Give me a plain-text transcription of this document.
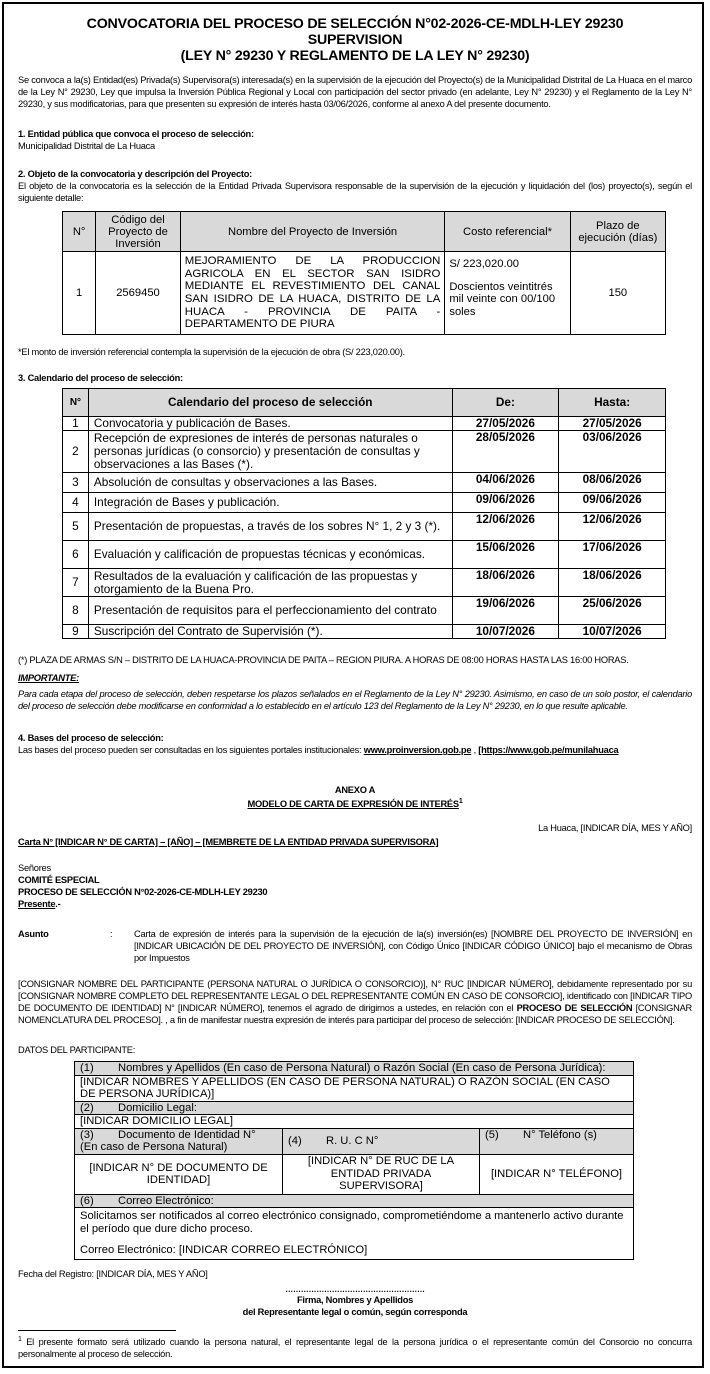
CONVOCATORIA DEL PROCESO DE SELECCIÓN N°02-2026-CE-MDLH-LEY 29230
SUPERVISION
(LEY N° 29230 Y REGLAMENTO DE LA LEY N° 29230)
Se convoca a la(s) Entidad(es) Privada(s) Supervisora(s) interesada(s) en la supervisión de la ejecución del Proyecto(s) de la Municipalidad Distrital de La Huaca en el marco de la Ley N° 29230, Ley que impulsa la Inversión Pública Regional y Local con participación del sector privado (en adelante, Ley N° 29230) y el Reglamento de la Ley N° 29230, y sus modificatorias, para que presenten su expresión de interés hasta 03/06/2026, conforme al anexo A del presente documento.
1. Entidad pública que convoca el proceso de selección:
Municipalidad Distrital de La Huaca
2. Objeto de la convocatoria y descripción del Proyecto:
El objeto de la convocatoria es la selección de la Entidad Privada Supervisora responsable de la supervisión de la ejecución y liquidación del (los) proyecto(s), según el siguiente detalle:
N°	Código del Proyecto de Inversión	Nombre del Proyecto de Inversión	Costo referencial*	Plazo de ejecución (días)
1	2569450	MEJORAMIENTO DE LA PRODUCCION AGRICOLA EN EL SECTOR SAN ISIDRO MEDIANTE EL REVESTIMIENTO DEL CANAL SAN ISIDRO DE LA HUACA, DISTRITO DE LA HUACA - PROVINCIA DE PAITA - DEPARTAMENTO DE PIURA	S/ 223,020.00
Doscientos veintitrés mil veinte con 00/100 soles	150
*El monto de inversión referencial contempla la supervisión de la ejecución de obra (S/ 223,020.00).
3. Calendario del proceso de selección:
N°	Calendario del proceso de selección	De:	Hasta:
1	Convocatoria y publicación de Bases.	27/05/2026	27/05/2026
2	Recepción de expresiones de interés de personas naturales o personas jurídicas (o consorcio) y presentación de consultas y observaciones a las Bases (*).	28/05/2026	03/06/2026
3	Absolución de consultas y observaciones a las Bases.	04/06/2026	08/06/2026
4	Integración de Bases y publicación.	09/06/2026	09/06/2026
5	Presentación de propuestas, a través de los sobres N° 1, 2 y 3 (*).	12/06/2026	12/06/2026
6	Evaluación y calificación de propuestas técnicas y económicas.	15/06/2026	17/06/2026
7	Resultados de la evaluación y calificación de las propuestas y otorgamiento de la Buena Pro.	18/06/2026	18/06/2026
8	Presentación de requisitos para el perfeccionamiento del contrato	19/06/2026	25/06/2026
9	Suscripción del Contrato de Supervisión (*).	10/07/2026	10/07/2026
(*) PLAZA DE ARMAS S/N – DISTRITO DE LA HUACA-PROVINCIA DE PAITA – REGION PIURA. A HORAS DE 08:00 HORAS HASTA LAS 16:00 HORAS.
IMPORTANTE:
Para cada etapa del proceso de selección, deben respetarse los plazos señalados en el Reglamento de la Ley N° 29230. Asimismo, en caso de un solo postor, el calendario del proceso de selección debe modificarse en conformidad a lo establecido en el artículo 123 del Reglamento de la Ley N° 29230, en lo que resulte aplicable.
4. Bases del proceso de selección:
Las bases del proceso pueden ser consultadas en los siguientes portales institucionales: www.proinversion.gob.pe , [https://www.gob.pe/munilahuaca
ANEXO A
MODELO DE CARTA DE EXPRESIÓN DE INTERÉS$^1$
La Huaca, [INDICAR DÍA, MES Y AÑO]
Carta N° [INDICAR N° DE CARTA] – [AÑO] – [MEMBRETE DE LA ENTIDAD PRIVADA SUPERVISORA]
Señores
COMITÉ ESPECIAL
PROCESO DE SELECCIÓN N°02-2026-CE-MDLH-LEY 29230
Presente.-
Asunto	: Carta de expresión de interés para la supervisión de la ejecución de la(s) inversión(es) [NOMBRE DEL PROYECTO DE INVERSIÓN] en [INDICAR UBICACIÓN DE DEL PROYECTO DE INVERSIÓN], con Código Único [INDICAR CÓDIGO ÚNICO] bajo el mecanismo de Obras por Impuestos
[CONSIGNAR NOMBRE DEL PARTICIPANTE (PERSONA NATURAL O JURÍDICA O CONSORCIO)], N° RUC [INDICAR NÚMERO], debidamente representado por su [CONSIGNAR NOMBRE COMPLETO DEL REPRESENTANTE LEGAL O DEL REPRESENTANTE COMÚN EN CASO DE CONSORCIO], identificado con [INDICAR TIPO DE DOCUMENTO DE IDENTIDAD] N° [INDICAR NÚMERO], tenemos el agrado de dirigirnos a ustedes, en relación con el PROCESO DE SELECCIÓN [CONSIGNAR NOMENCLATURA DEL PROCESO]. , a fin de manifestar nuestra expresión de interés para participar del proceso de selección: [INDICAR PROCESO DE SELECCIÓN].
DATOS DEL PARTICIPANTE:
(1) Nombres y Apellidos (En caso de Persona Natural) o Razón Social (En caso de Persona Jurídica):		
[INDICAR NOMBRES Y APELLIDOS (EN CASO DE PERSONA NATURAL) O RAZÓN SOCIAL (EN CASO DE PERSONA JURÍDICA)]		
(2) Domicilio Legal:		
[INDICAR DOMICILIO LEGAL]		
(3) Documento de Identidad N°
(En caso de Persona Natural)	(4) R. U. C N°	(5) N° Teléfono (s)
[INDICAR N° DE DOCUMENTO DE IDENTIDAD]	[INDICAR N° DE RUC DE LA ENTIDAD PRIVADA SUPERVISORA]	[INDICAR N° TELÉFONO]
(6) Correo Electrónico:		

Solicitamos ser notificados al correo electrónico consignado, comprometiéndome a mantenerlo activo durante el período que dure dicho proceso.
Correo Electrónico: [INDICAR CORREO ELECTRÓNICO]		
Fecha del Registro: [INDICAR DÍA, MES Y AÑO]
………………………………………………
Firma, Nombres y Apellidos
del Representante legal o común, según corresponda
$^1$ El presente formato será utilizado cuando la persona natural, el representante legal de la persona jurídica o el representante común del Consorcio no concurra personalmente al proceso de selección.
